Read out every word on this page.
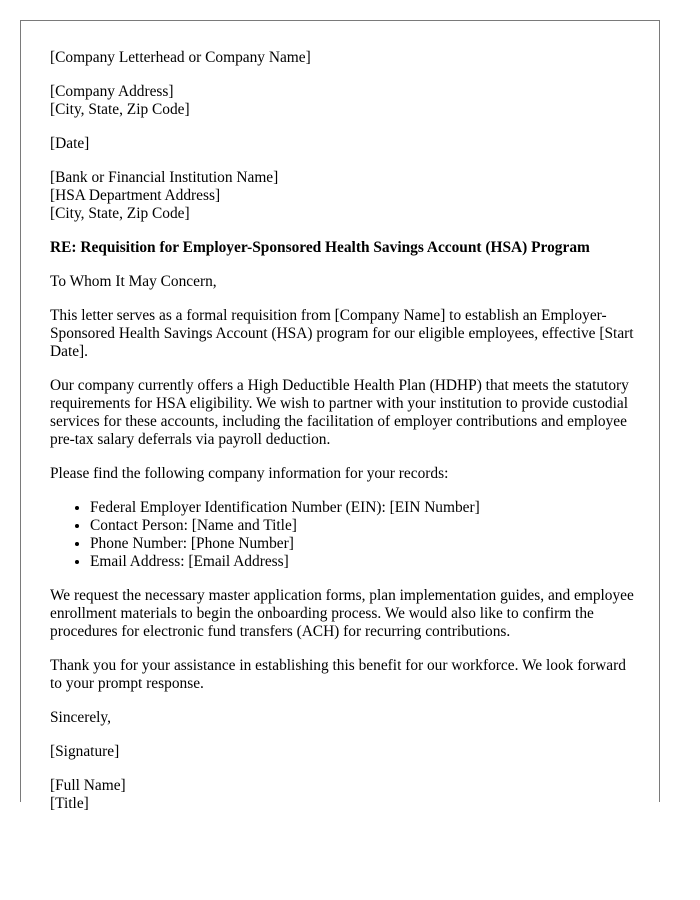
[Company Letterhead or Company Name]

[Company Address]
[City, State, Zip Code]

[Date]

[Bank or Financial Institution Name]
[HSA Department Address]
[City, State, Zip Code]

RE: Requisition for Employer-Sponsored Health Savings Account (HSA) Program

To Whom It May Concern,

This letter serves as a formal requisition from [Company Name] to establish an Employer-Sponsored Health Savings Account (HSA) program for our eligible employees, effective [Start Date].

Our company currently offers a High Deductible Health Plan (HDHP) that meets the statutory requirements for HSA eligibility. We wish to partner with your institution to provide custodial services for these accounts, including the facilitation of employer contributions and employee pre-tax salary deferrals via payroll deduction.

Please find the following company information for your records:

• Federal Employer Identification Number (EIN): [EIN Number]
• Contact Person: [Name and Title]
• Phone Number: [Phone Number]
• Email Address: [Email Address]

We request the necessary master application forms, plan implementation guides, and employee enrollment materials to begin the onboarding process. We would also like to confirm the procedures for electronic fund transfers (ACH) for recurring contributions.

Thank you for your assistance in establishing this benefit for our workforce. We look forward to your prompt response.

Sincerely,

[Signature]

[Full Name]
[Title]
